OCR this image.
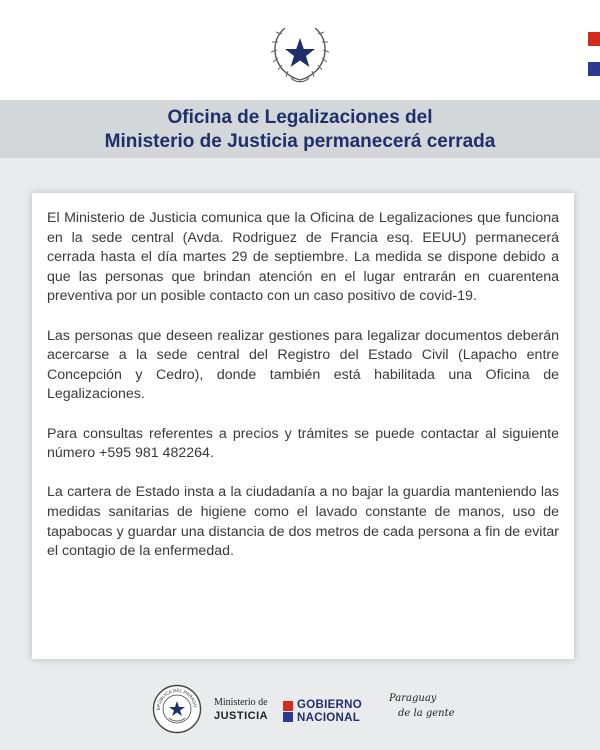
Oficina de Legalizaciones del
Ministerio de Justicia permanecerá cerrada

El Ministerio de Justicia comunica que la Oficina de Legalizaciones que funciona en la sede central (Avda. Rodriguez de Francia esq. EEUU) permanecerá cerrada hasta el día martes 29 de septiembre. La medida se dispone debido a que las personas que brindan atención en el lugar entrarán en cuarentena preventiva por un posible contacto con un caso positivo de covid-19.

Las personas que deseen realizar gestiones para legalizar documentos deberán acercarse a la sede central del Registro del Estado Civil (Lapacho entre Concepción y Cedro), donde también está habilitada una Oficina de Legalizaciones.

Para consultas referentes a precios y trámites se puede contactar al siguiente número +595 981 482264.

La cartera de Estado insta a la ciudadanía a no bajar la guardia manteniendo las medidas sanitarias de higiene como el lavado constante de manos, uso de tapabocas y guardar una distancia de dos metros de cada persona a fin de evitar el contagio de la enfermedad.

EPÚBLICA DEL PARAGU Ministerio de
JUSTICIA
GOBIERNO
NACIONAL
Paraguay
de la gente
